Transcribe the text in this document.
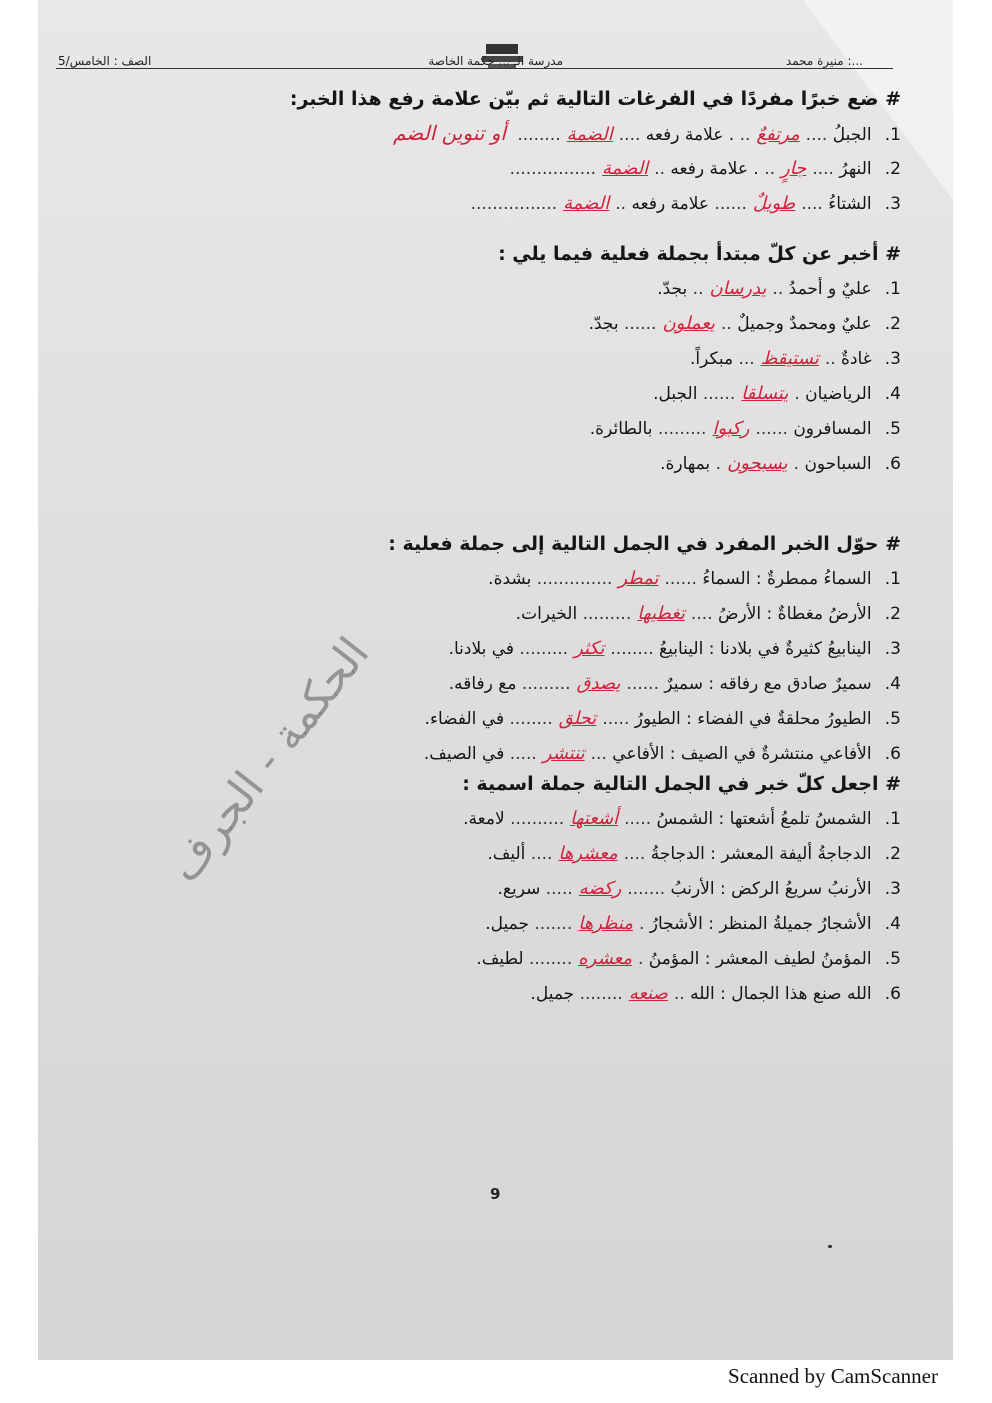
...: منيرة محمد
مدرسة الـ ... حكمة الخاصة
الصف : الخامس/5
# ضع خبرًا مفردًا في الفرغات التالية ثم بيّن علامة رفع هذا الخبر:
1. الجبلُ ....مرتفعٌ.. . علامة رفعه ....الضمة........ أو تنوين الضم
2. النهرُ ....جارٍ.. . علامة رفعه ..الضمة................
3. الشتاءُ ....طويلٌ...... علامة رفعه ..الضمة................
# أخبر عن كلّ مبتدأ بجملة فعلية فيما يلي :
1. عليٌ و أحمدُ ..يدرسان.. بجدّ.
2. عليٌ ومحمدٌ وجميلٌ ..يعملون...... بجدّ.
3. غادةٌ ..تستيقظ... مبكراً.
4. الرياضيان .يتسلقا...... الجبل.
5. المسافرون ......ركبوا......... بالطائرة.
6. السباحون .يسبحون. بمهارة.
# حوّل الخبر المفرد في الجمل التالية إلى جملة فعلية :
1. السماءُ ممطرةٌ : السماءُ ......تمطر.............. بشدة.
2. الأرضُ مغطاةٌ : الأرضُ ....تغطيها......... الخيرات.
3. الينابيعُ كثيرةٌ في بلادنا : الينابيعُ ........تكثر......... في بلادنا.
4. سميرٌ صادق مع رفاقه : سميرٌ ......يصدق......... مع رفاقه.
5. الطيورُ محلقةٌ في الفضاء : الطيورُ .....تحلق........ في الفضاء.
6. الأفاعي منتشرةٌ في الصيف : الأفاعي ...تنتشر..... في الصيف.
# اجعل كلّ خبر في الجمل التالية جملة اسمية :
1. الشمسُ تلمعُ أشعتها : الشمسُ .....أشعتها.......... لامعة.
2. الدجاجةُ أليفة المعشر : الدجاجةُ ....معشرها.... أليف.
3. الأرنبُ سريعُ الركض : الأرنبُ .......ركضه..... سريع.
4. الأشجارُ جميلةُ المنظر : الأشجارُ .منظرها....... جميل.
5. المؤمنُ لطيف المعشر : المؤمنُ .معشره........ لطيف.
6. الله صنع هذا الجمال : الله ..صنعه........ جميل.
الحكمة - الجرف
9
Scanned by CamScanner
